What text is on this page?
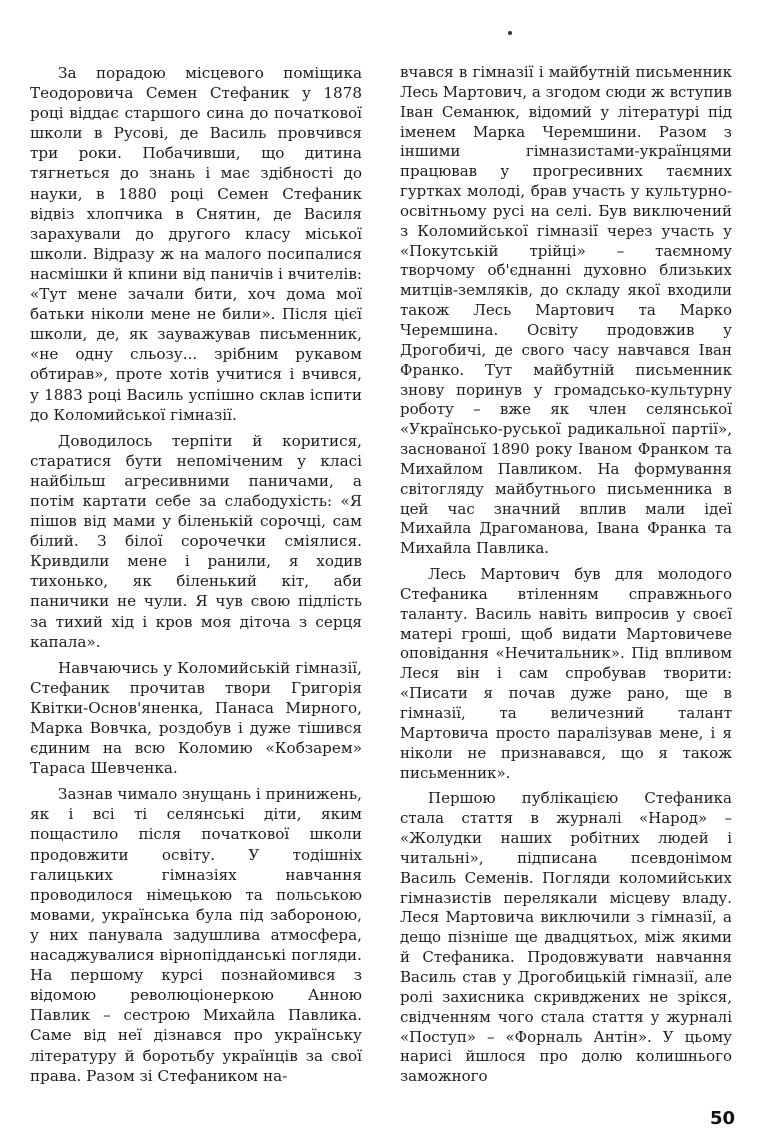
За порадою місцевого поміщика Теодоровича Семен Стефаник у 1878 році віддає старшого сина до початкової школи в Русові, де Василь провчився три роки. Побачивши, що дитина тягнеться до знань і має здібності до науки, в 1880 році Семен Стефаник відвіз хлопчика в Снятин, де Василя зарахували до другого класу міської школи. Відразу ж на малого посипалися насмішки й кпини від паничів і вчителів: «Тут мене зачали бити, хоч дома мої батьки ніколи мене не били». Після цієї школи, де, як зауважував письменник, «не одну сльозу... зрібним рукавом обтирав», проте хотів учитися і вчився, у 1883 році Василь успішно склав іспити до Коломийської гімназії.

Доводилось терпіти й коритися, старатися бути непоміченим у класі найбільш агресивними паничами, а потім картати себе за слабодухість: «Я пішов від мами у біленькій сорочці, сам білий. З білої сорочечки сміялися. Кривдили мене і ранили, я ходив тихонько, як біленький кіт, аби паничики не чули. Я чув свою підлість за тихий хід і кров моя діточа з серця капала».

Навчаючись у Коломийській гімназії, Стефаник прочитав твори Григорія Квітки-Основ'яненка, Панаса Мирного, Марка Вовчка, роздобув і дуже тішився єдиним на всю Коломию «Кобзарем» Тараса Шевченка.

Зазнав чимало знущань і принижень, як і всі ті селянські діти, яким пощастило після початкової школи продовжити освіту. У тодішніх галицьких гімназіях навчання проводилося німецькою та польською мовами, українська була під забороною, у них панувала задушлива атмосфера, насаджувалися вірнопідданські погляди. На першому курсі познайомився з відомою революціонеркою Анною Павлик – сестрою Михайла Павлика. Саме від неї дізнався про українську літературу й боротьбу українців за свої права. Разом зі Стефаником на-

вчався в гімназії і майбутній письменник Лесь Мартович, а згодом сюди ж вступив Іван Семанюк, відомий у літературі під іменем Марка Черемшини. Разом з іншими гімназистами-українцями працював у прогресивних таємних гуртках молоді, брав участь у культурно-освітньому русі на селі. Був виключений з Коломийської гімназії через участь у «Покутській трійці» – таємному творчому об'єднанні духовно близьких митців-земляків, до складу якої входили також Лесь Мартович та Марко Черемшина. Освіту продовжив у Дрогобичі, де свого часу навчався Іван Франко. Тут майбутній письменник знову поринув у громадсько-культурну роботу – вже як член селянської «Українсько-руської радикальної партії», заснованої 1890 року Іваном Франком та Михайлом Павликом. На формування світогляду майбутнього письменника в цей час значний вплив мали ідеї Михайла Драгоманова, Івана Франка та Михайла Павлика.

Лесь Мартович був для молодого Стефаника втіленням справжнього таланту. Василь навіть випросив у своєї матері гроші, щоб видати Мартовичеве оповідання «Нечитальник». Під впливом Леся він і сам спробував творити: «Писати я почав дуже рано, ще в гімназії, та величезний талант Мартовича просто паралізував мене, і я ніколи не признавався, що я також письменник».

Першою публікацією Стефаника стала стаття в журналі «Народ» – «Жолудки наших робітних людей і читальні», підписана псевдонімом Василь Семенів. Погляди коломийських гімназистів перелякали місцеву владу. Леся Мартовича виключили з гімназії, а дещо пізніше ще двадцятьох, між якими й Стефаника. Продовжувати навчання Василь став у Дрогобицькій гімназії, але ролі захисника скривджених не зрікся, свідченням чого стала стаття у журналі «Поступ» – «Форналь Антін». У цьому нарисі йшлося про долю колишнього заможного

50
